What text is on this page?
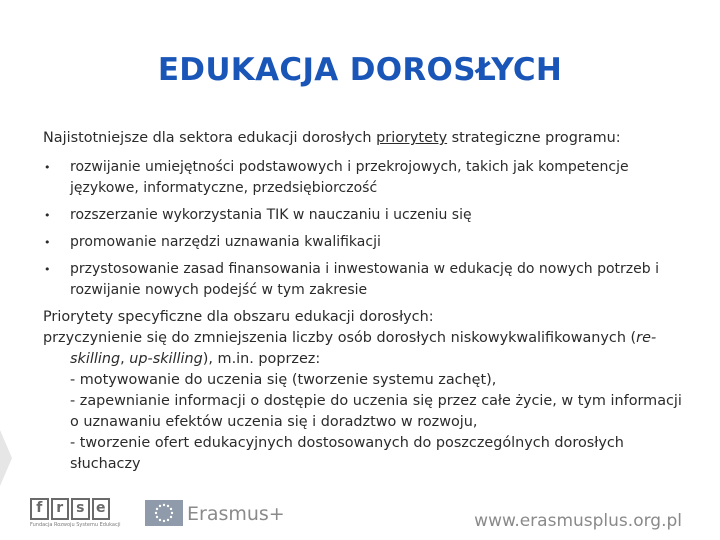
EDUKACJA DOROSŁYCH

Najistotniejsze dla sektora edukacji dorosłych priorytety strategiczne programu:

• rozwijanie umiejętności podstawowych i przekrojowych, takich jak kompetencje językowe, informatyczne, przedsiębiorczość
• rozszerzanie wykorzystania TIK w nauczaniu i uczeniu się
• promowanie narzędzi uznawania kwalifikacji
• przystosowanie zasad finansowania i inwestowania w edukację do nowych potrzeb i rozwijanie nowych podejść w tym zakresie
Priorytety specyficzne dla obszaru edukacji dorosłych:
przyczynienie się do zmniejszenia liczby osób dorosłych niskowykwalifikowanych (re-skilling, up-skilling), m.in. poprzez:
- motywowanie do uczenia się (tworzenie systemu zachęt),
- zapewnianie informacji o dostępie do uczenia się przez całe życie, w tym informacji o uznawaniu efektów uczenia się i doradztwo w rozwoju,
- tworzenie ofert edukacyjnych dostosowanych do poszczególnych dorosłych słuchaczy
f	r s e
Fundacja Rozwoju Systemu Edukacji	Erasmus+	www.erasmusplus.org.pl
